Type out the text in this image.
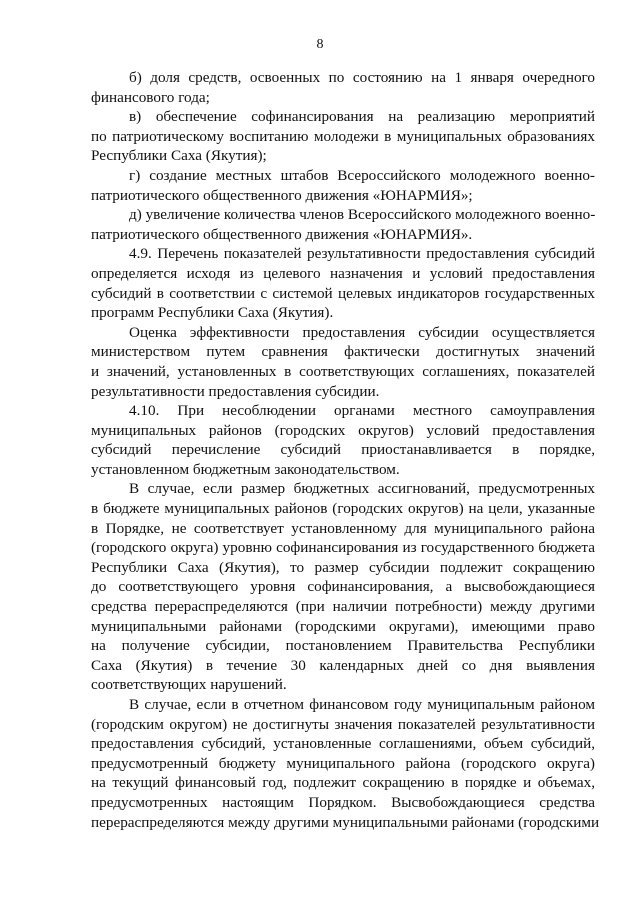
8
б) доля средств, освоенных по состоянию на 1 января очередного
финансового года;
в) обеспечение софинансирования на реализацию мероприятий
по патриотическому воспитанию молодежи в муниципальных образованиях
Республики Саха (Якутия);
г) создание местных штабов Всероссийского молодежного военно-
патриотического общественного движения «ЮНАРМИЯ»;
д) увеличение количества членов Всероссийского молодежного военно-
патриотического общественного движения «ЮНАРМИЯ».
4.9. Перечень показателей результативности предоставления субсидий
определяется исходя из целевого назначения и условий предоставления
субсидий в соответствии с системой целевых индикаторов государственных
программ Республики Саха (Якутия).
Оценка эффективности предоставления субсидии осуществляется
министерством путем сравнения фактически достигнутых значений
и значений, установленных в соответствующих соглашениях, показателей
результативности предоставления субсидии.
4.10. При несоблюдении органами местного самоуправления
муниципальных районов (городских округов) условий предоставления
субсидий перечисление субсидий приостанавливается в порядке,
установленном бюджетным законодательством.
В случае, если размер бюджетных ассигнований, предусмотренных
в бюджете муниципальных районов (городских округов) на цели, указанные
в Порядке, не соответствует установленному для муниципального района
(городского округа) уровню софинансирования из государственного бюджета
Республики Саха (Якутия), то размер субсидии подлежит сокращению
до соответствующего уровня софинансирования, а высвобождающиеся
средства перераспределяются (при наличии потребности) между другими
муниципальными районами (городскими округами), имеющими право
на получение субсидии, постановлением Правительства Республики
Саха (Якутия) в течение 30 календарных дней со дня выявления
соответствующих нарушений.
В случае, если в отчетном финансовом году муниципальным районом
(городским округом) не достигнуты значения показателей результативности
предоставления субсидий, установленные соглашениями, объем субсидий,
предусмотренный бюджету муниципального района (городского округа)
на текущий финансовый год, подлежит сокращению в порядке и объемах,
предусмотренных настоящим Порядком. Высвобождающиеся средства
перераспределяются между другими муниципальными районами (городскими
